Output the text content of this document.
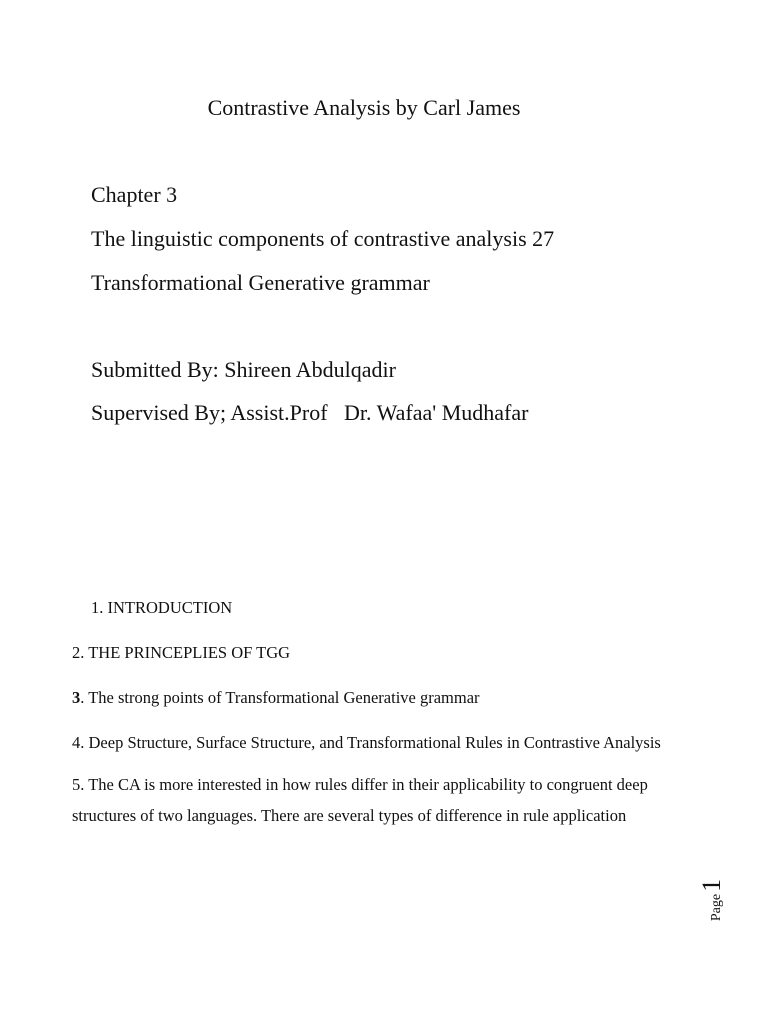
Contrastive Analysis by Carl James
Chapter 3
The linguistic components of contrastive analysis 27
Transformational Generative grammar
Submitted By: Shireen Abdulqadir
Supervised By; Assist.Prof   Dr. Wafaa' Mudhafar
1. INTRODUCTION
2. THE PRINCEPLIES OF TGG
3. The strong points of Transformational Generative grammar
4. Deep Structure, Surface Structure, and Transformational Rules in Contrastive Analysis
5. The CA is more interested in how rules differ in their applicability to congruent deep structures of two languages. There are several types of difference in rule application
Page
1
